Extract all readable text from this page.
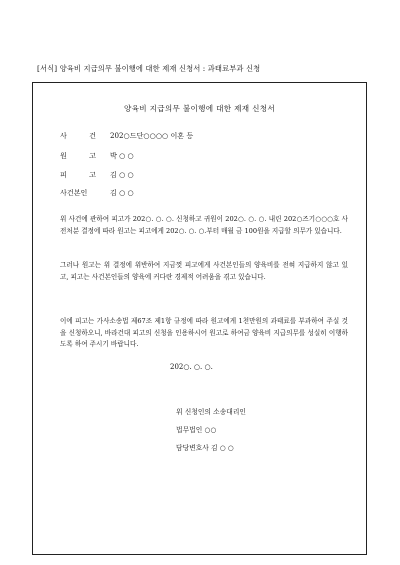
[서식] 양육비 지급의무 불이행에 대한 제재 신청서 : 과태료부과 신청
양육비 지급의무 불이행에 대한 제재 신청서
사 건 202○드단○○○○ 이혼 등
원 고 박 ○ ○
피 고 김 ○ ○
사건본인	김 ○ ○
위 사건에 관하여 피고가 202○. ○. ○. 신청하고 귀원이 202○. ○. ○. 내린 202○즈기○○○호 사전처분 결정에 따라 원고는 피고에게 202○. ○. ○.부터 매월 금 100원을 지급할 의무가 있습니다.
그러나 원고는 위 결정에 위반하여 지금껏 피고에게 사건본인들의 양육비를 전혀 지급하지 않고 있고, 피고는 사건본인들의 양육에 커다란 경제적 어려움을 겪고 있습니다.
이에 피고는 가사소송법 제67조 제1항 규정에 따라 원고에게 1천만원의 과태료를 부과하여 주실 것을 신청하오니, 바라건대 피고의 신청을 인용하시어 원고로 하여금 양육비 지급의무를 성실히 이행하도록 하여 주시기 바랍니다.
202○. ○. ○.
위 신청인의 소송대리인
법무법인 ○○
담당변호사 김 ○ ○
